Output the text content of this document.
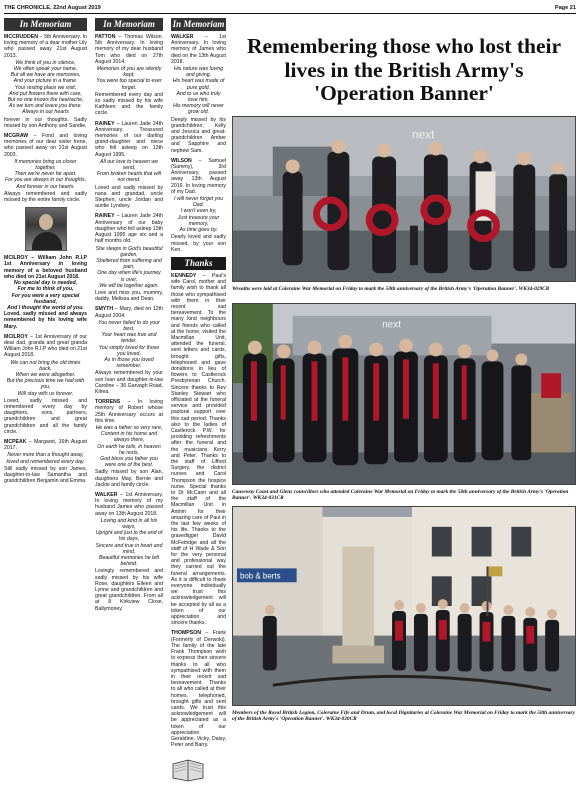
THE CHRONICLE, 22nd August 2019	Page 21
In Memoriam

MCCRUDDEN – 5th Anniversary. In loving memory of a dear mother Lily who passed away 21st August 2013.

We think of you in silence,
We often speak your name,
But all we have are memories,
And your picture in a frame.
Your resting place we visit,
And put flowers there with care,
But no one knows the heartache,
As we turn and leave you there.
Always in our hearts

forever in our thoughts. Sadly missed by son Anthony and Sandie.

MCGRAW – Fond and loving memories of our dear sister Irene, who passed away on 21st August 2003.

If memories bring us closer together,
Then we're never far apart.
For you are always in our thoughts,
And forever in our hearts.

Always remembered and sadly missed by the entire family circle.

MCILROY – William John R.I.P 1st Anniversary in loving memory of a beloved husband who died on 21st August 2018.

No special day is needed,
For me to think of you,
For you were a very special husband,
And I thought the world of you.

Loved, sadly missed and always remembered by his loving wife Mary.

MCILROY – 1st Anniversary of our dear dad, granda and great granda William John R.I.P who died on 21st August 2018.

We can not bring the old times back,
When we were altogether.
But the precious time we had with you,
Will stay with us forever.

Loved, sadly missed and remembered every day by daughters, sons, partners, grandchildren and great grandchildren and all the family circle.

MCPEAK – Margaret, 16th August 2017.

Never more than a thought away,
loved and remembered every day.

Still sadly missed by son James, daughter-in-law Samantha and grandchildren Benjamin and Emma.

In Memoriam

PATTON – Thomas Wilson. 5th Anniversary. In loving memory of my dear husband Tom who died on 27th August 2014.

Memories of you are silently kept,
You were too special to ever forget.

Remembered every day and so sadly missed by his wife Kathleen and the family circle.

RAINEY – Lauren Jade 24th Anniversary. Treasured memories of our darling grand-daughter and niece who fell asleep on 13th August 1995.

All our love to heaven we send,
From broken hearts that will not mend.

Loved and sadly missed by nana and grandad, uncle Stephen, uncle Jordan and auntie Lyndsey.

RAINEY – Lauren Jade 24th Anniversary of our baby daughter who fell asleep 13th August 1995 age six and a half months old.

She sleeps in God's beautiful garden,
Sheltered from suffering and pain,
One day when life's journey is over,
We will be together again.

Love and miss you, mummy, daddy, Melissa and Dean.

SMYTH – Mary, died on 12th August 2004.

You never failed to do your best,
Your heart was true and tender,
You simply loved for those you loved,
As in those you loved remember.

Always remembered by your son Ivan and daughter-in-law Caroline – 36 Garvagh Road, Kilrea.

TORRENS – In loving memory of Robert whose 25th Anniversary occurs at this time.

He was a father so very rare,
Content in his home and always there,
On earth he toils, in heaven he rests,
God bless you father you were one of the best.

Sadly missed by son Alan, daughters May, Bernie and Jackie and family circle.

WALKER – 1st Anniversary. In loving memory of my husband James who passed away on 13th August 2018.

Loving and kind in all his ways,
Upright and just to the end of his days,
Sincere and true in heart and mind,
Beautiful memories he left behind.

Lovingly remembered and sadly missed by his wife Rose, daughters Eileen and Lynne and grandchildren and great grandchildren. From all at 8 Kirkview Close, Ballymoney.

In Memoriam

WALKER – 1st Anniversary. In loving memory of James who died on the 13th August 2018.

His nature was loving and giving,
His heart was made of pure gold.
And to us who truly love him,
His memory will never grow old.

Deeply missed by his grandchildren, Kelly and Jessica and great-grandchildren Amber and Sapphire and nephew Sam.

WILSON – Samuel (Sammy), 3rd Anniversary, passed away 13th August 2016. In loving memory of my Dad.

I will never forget you Dad,
I won't even try,
Just treasure your memory,
As time goes by.

Dearly loved and sadly missed, by your son Ken.

Thanks

KENNEDY – Paul's wife Carol, mother and family wish to thank all those who sympathised with them in their recent sad bereavement. To the many kind neighbours and friends who called at the home, visited the Macmillan Unit, attended the funeral, sent letters and cards, brought gifts, telephoned and gave donations in lieu of flowers to Castlerock Presbyterian Church. Sincere thanks to Rev Stanley Stewart who officiated at the funeral service and provided pastoral support over this sad period. Thanks also to the ladies of Castlerock P.W. for providing refreshments after the funeral and the musicians Kerry and Peter. Thanks to the staff of Lifford Surgery, the district nurses and Carol Thompson the hospice nurse. Special thanks to Dr McCann and all the staff of the Macmillan Unit in Antrim for their amazing care of Paul in the last few weeks of his life. Thanks to the gravedigger David McFetridge and all the staff of H Wade & Son for the very personal and professional way they carried out the funeral arrangements. As it is difficult to thank everyone individually we trust this acknowledgement will be accepted by all as a token of our appreciation and sincere thanks.

THOMPSON – Frank (Formerly of Derwoki). The family of the late Frank Thompson wish to express their sincere thanks to all who sympathised with them in their recent sad bereavement. Thanks to all who called at their homes, telephoned, brought gifts and sent cards. We trust this acknowledgement will be appreciated as a token of our appreciation. Geraldine, Vicky, Daisy, Peter and Barry.

Remembering those who lost their lives in the British Army's 'Operation Banner'
next
Wreaths were laid at Coleraine War Memorial on Friday to mark the 50th anniversary of the British Army's 'Operation Banner'. WK34-029CR
next
Causeway Coast and Glens councillors who attended Coleraine War Memorial on Friday to mark the 50th anniversary of the British Army's 'Operation Banner'. WK34-031CR
bob & berts
Members of the Royal British Legion, Coleraine Fife and Drum, and local Dignitaries at Coleraine War Memorial on Friday to mark the 50th anniversary of the British Army's 'Operation Banner'. WK34-030CR
